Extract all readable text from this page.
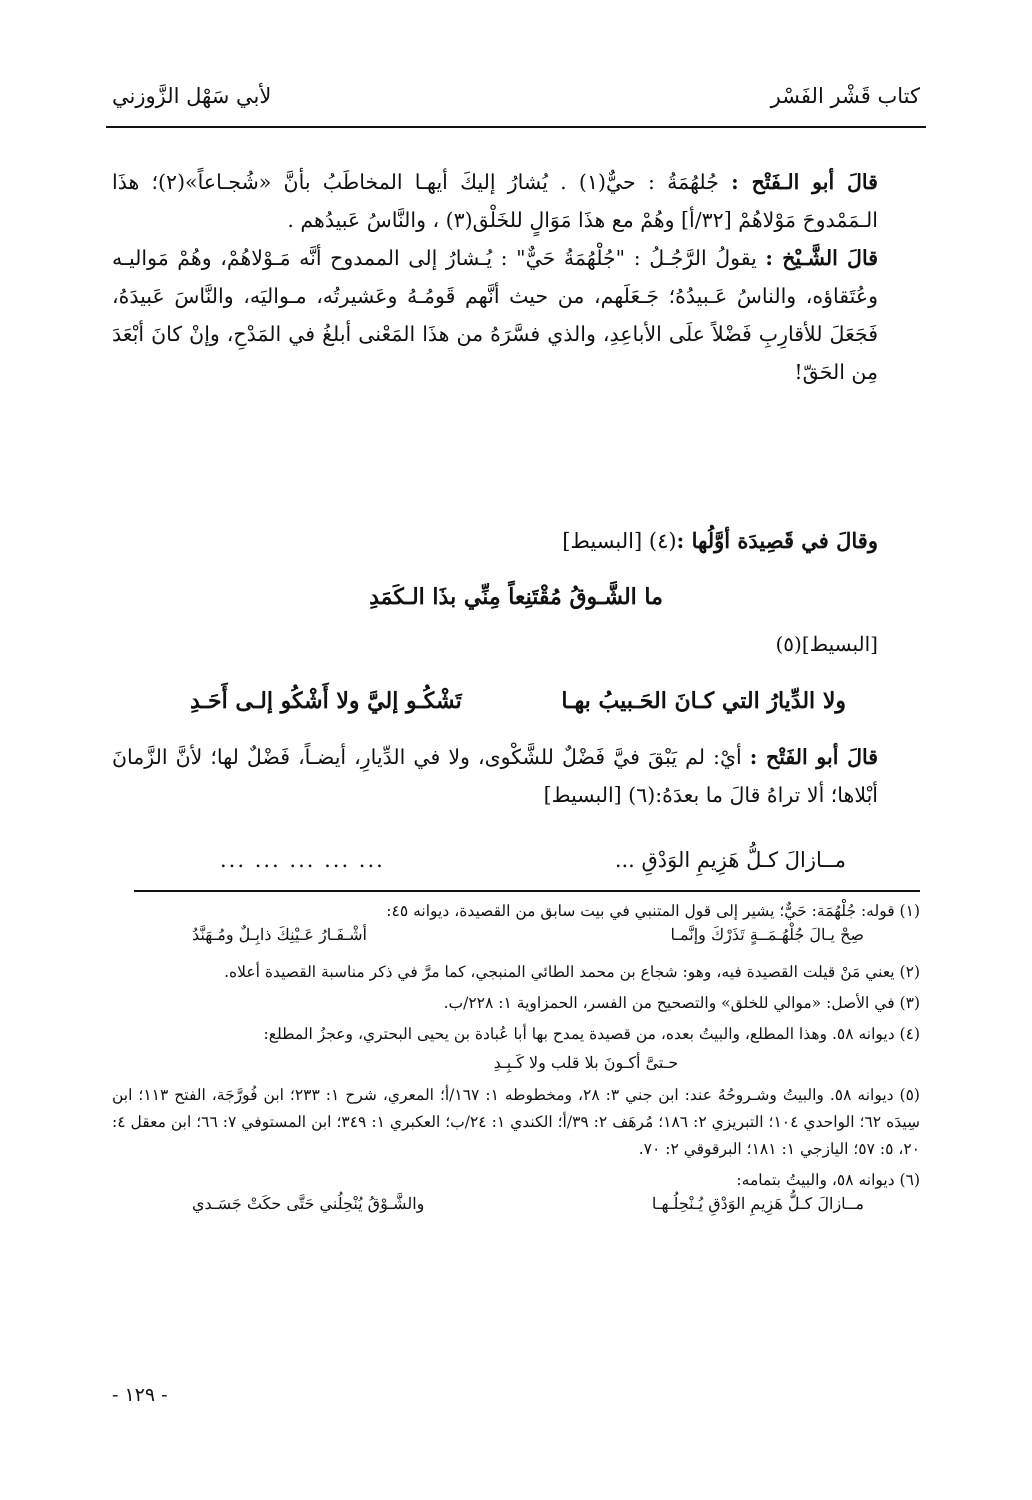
كتاب قَشْر الفَسْر
لأبي سَهْل الزَّوزني

قالَ أبو الـفَتْح : جُلهُمَةُ : حيٌّ(١) . يُشارُ إليكَ أيهـا المخاطَبُ بأنَّ «شُجـاعاً»(٢)؛ هذَا الـمَمْدوحَ مَوْلاهُمْ [٣٢/أ] وهُمْ مع هذَا مَوَالٍ للخَلْق(٣) ، والنَّاسُ عَبيدُهم .

قالَ الشَّـيْخ : يقولُ الرَّجُـلُ : "جُلْهُمَةُ حَيٌّ" : يُـشارُ إلى الممدوح أنَّه مَـوْلاهُمْ، وهُمْ مَواليـه وعُتَقاؤه، والناسُ عَـبيدُهُ؛ جَـعَلَهم، من حيث أنَّهم قَومُـهُ وعَشيرتُه، مـواليَه، والنَّاسَ عَبيدَهُ، فَجَعَلَ للأقارِبِ فَضْلاً علَى الأباعِدِ، والذي فسَّرَهُ من هذَا المَعْنى أبلغُ في المَدْحِ، وإنْ كانَ أبْعَدَ مِن الحَقّ!

وقالَ في قَصِيدَة أوَّلُها :(٤) [البسيط]
ما الشَّـوقُ مُقْتَنِعاً مِنِّي بذَا الـكَمَدِ
[البسيط](٥)
ولا الدِّيارُ التي كـانَ الحَـبيبُ بهـا
تَشْكُـو إليَّ ولا أَشْكُو إلـى أَحَـدِ

قالَ أبو الفَتْح : أيْ: لم يَبْقَ فيَّ فَضْلٌ للشَّكْوى، ولا في الدِّيارِ، أيضـاً، فَضْلٌ لها؛ لأنَّ الزَّمانَ أبْلاها؛ ألا تراهُ قالَ ما بعدَهُ:(٦) [البسيط]

مــازالَ كـلُّ هَزِيمِ الوَدْقِ ...
... ... ... ... ...

(١) قوله: جُلْهُمَة: حَيٌّ؛ يشير إلى قول المتنبي في بيت سابق من القصيدة، ديوانه ٤٥:

صِحْ يـالَ جُلْهُـمَــةٍ تَذَرْكَ وإنَّمـا
أشْـفَـارُ عَـيْنِكَ ذابِـلٌ ومُـهَنَّدُ

(٢) يعني مَنْ قيلت القصيدة فيه، وهو: شجاع بن محمد الطائي المنبجي، كما مرَّ في ذكر مناسبة القصيدة أعلاه.

(٣) في الأصل: «موالي للخلق» والتصحيح من الفسر، الحمزاوية ١: ٢٢٨/ب.

(٤) ديوانه ٥٨. وهذا المطلع، والبيتُ بعده، من قصيدة يمدح بها أبا عُبادة بن يحيى البحتري، وعجزُ المطلع:

حـتىَّ أكـونَ بلا قلب ولا كَـبِـدِ

(٥) ديوانه ٥٨. والبيتُ وشـروحُهُ عند: ابن جني ٣: ٢٨، ومخطوطه ١: ١٦٧/أ؛ المعري، شرح ١: ٢٣٣؛ ابن فُورَّجَة، الفتح ١١٣؛ ابن سِيدَه ٦٢؛ الواحدي ١٠٤؛ التبريزي ٢: ١٨٦؛ مُرهَف ٢: ٣٩/أ؛ الكندي ١: ٢٤/ب؛ العكبري ١: ٣٤٩؛ ابن المستوفي ٧: ٦٦؛ ابن معقل ٤: ٢٠، ٥: ٥٧؛ اليازجي ١: ١٨١؛ البرقوقي ٢: ٧٠.

(٦) ديوانه ٥٨، والبيتُ بتمامه:

مــازالَ كـلُّ هَزِيمِ الوَدْقِ يُـنْحِلُـهـا
والشَّـوْقُ يُنْحِلُني حَتَّى حكَتْ جَسَـدي
- ١٢٩ -
